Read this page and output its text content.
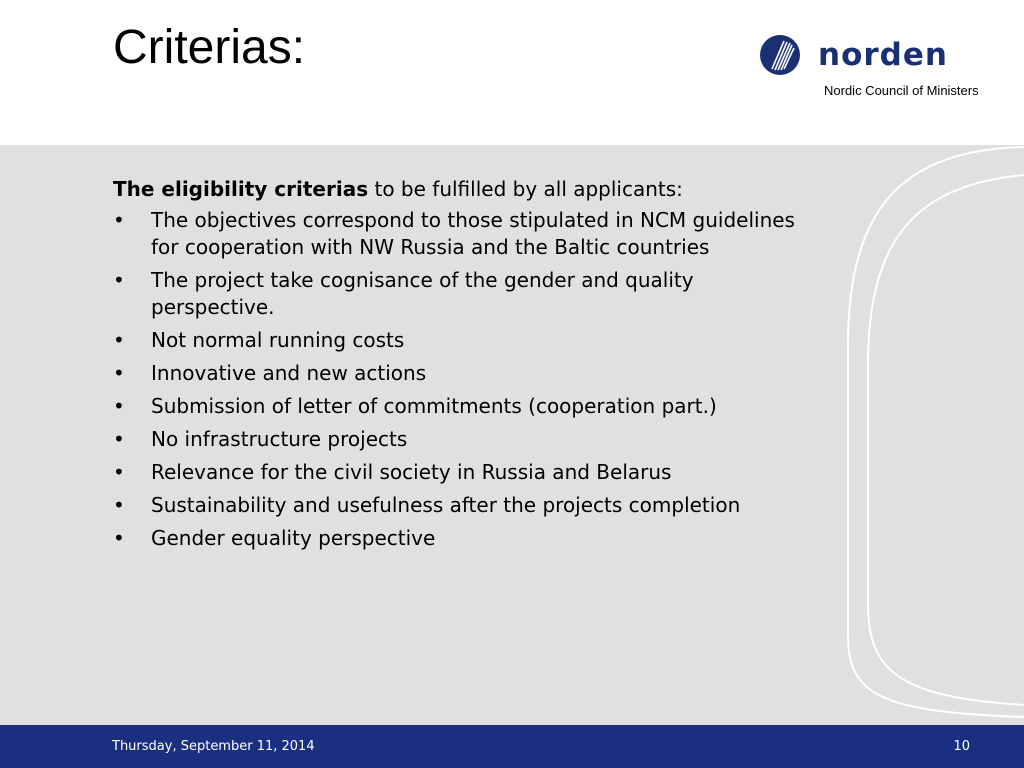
Criterias:	norden
Nordic Council of Ministers

The eligibility criterias to be fulfilled by all applicants:

• The objectives correspond to those stipulated in NCM guidelines for cooperation with NW Russia and the Baltic countries
• The project take cognisance of the gender and quality perspective.
• Not normal running costs
• Innovative and new actions
• Submission of letter of commitments (cooperation part.)
• No infrastructure projects
• Relevance for the civil society in Russia and Belarus
• Sustainability and usefulness after the projects completion
• Gender equality perspective
Thursday, September 11, 2014	10
